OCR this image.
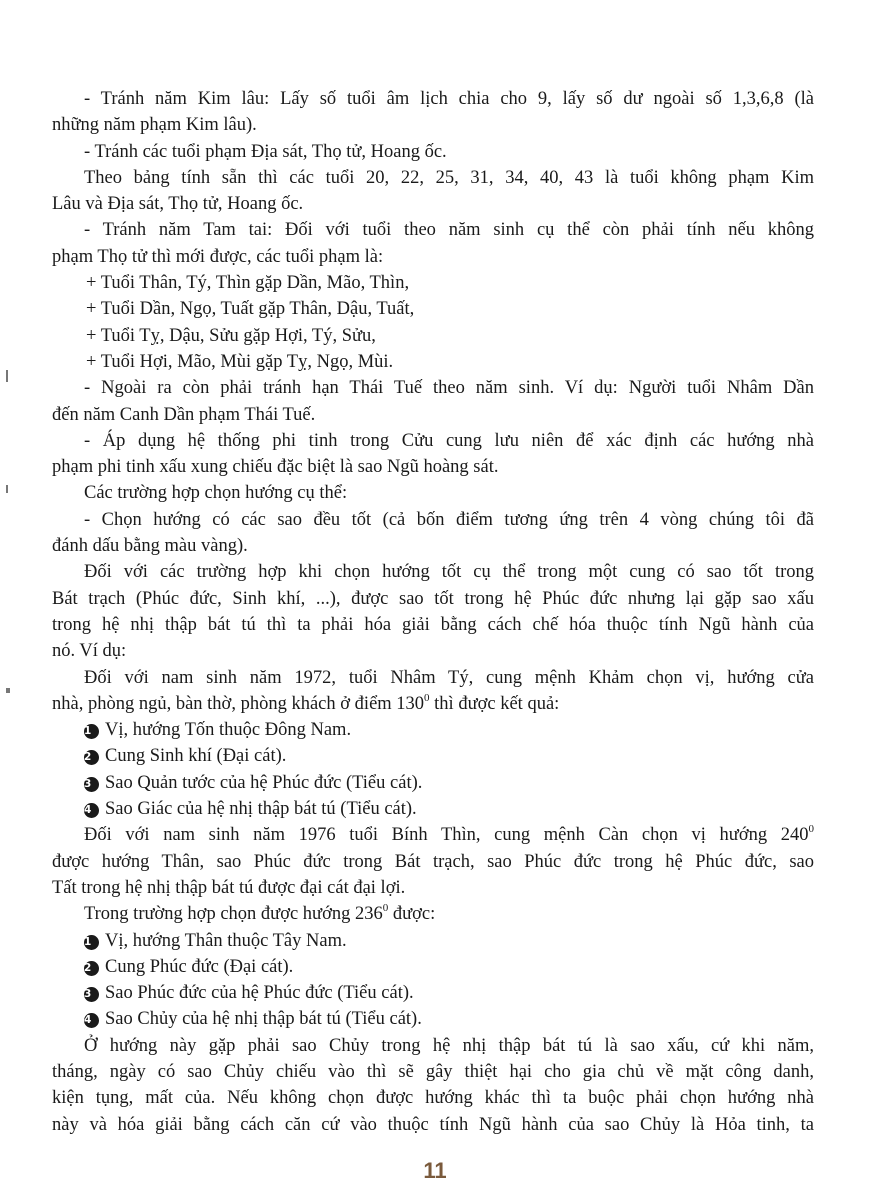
- Tránh năm Kim lâu: Lấy số tuổi âm lịch chia cho 9, lấy số dư ngoài số 1,3,6,8 (là
những năm phạm Kim lâu).
- Tránh các tuổi phạm Địa sát, Thọ tử, Hoang ốc.
Theo bảng tính sẵn thì các tuổi 20, 22, 25, 31, 34, 40, 43 là tuổi không phạm Kim
Lâu và Địa sát, Thọ tử, Hoang ốc.
- Tránh năm Tam tai: Đối với tuổi theo năm sinh cụ thể còn phải tính nếu không
phạm Thọ tử thì mới được, các tuổi phạm là:
+ Tuổi Thân, Tý, Thìn gặp Dần, Mão, Thìn,
+ Tuổi Dần, Ngọ, Tuất gặp Thân, Dậu, Tuất,
+ Tuổi Tỵ, Dậu, Sửu gặp Hợi, Tý, Sửu,
+ Tuổi Hợi, Mão, Mùi gặp Tỵ, Ngọ, Mùi.
- Ngoài ra còn phải tránh hạn Thái Tuế theo năm sinh. Ví dụ: Người tuổi Nhâm Dần
đến năm Canh Dần phạm Thái Tuế.
- Áp dụng hệ thống phi tinh trong Cửu cung lưu niên để xác định các hướng nhà
phạm phi tinh xấu xung chiếu đặc biệt là sao Ngũ hoàng sát.
Các trường hợp chọn hướng cụ thể:
- Chọn hướng có các sao đều tốt (cả bốn điểm tương ứng trên 4 vòng chúng tôi đã
đánh dấu bằng màu vàng).
Đối với các trường hợp khi chọn hướng tốt cụ thể trong một cung có sao tốt trong
Bát trạch (Phúc đức, Sinh khí, ...), được sao tốt trong hệ Phúc đức nhưng lại gặp sao xấu
trong hệ nhị thập bát tú thì ta phải hóa giải bằng cách chế hóa thuộc tính Ngũ hành của
nó. Ví dụ:
Đối với nam sinh năm 1972, tuổi Nhâm Tý, cung mệnh Khảm chọn vị, hướng cửa
nhà, phòng ngủ, bàn thờ, phòng khách ở điểm $130^0$ thì được kết quả:
1 Vị, hướng Tốn thuộc Đông Nam.
2 Cung Sinh khí (Đại cát).
3 Sao Quản tước của hệ Phúc đức (Tiểu cát).
4 Sao Giác của hệ nhị thập bát tú (Tiểu cát).
Đối với nam sinh năm 1976 tuổi Bính Thìn, cung mệnh Càn chọn vị hướng $240^0$
được hướng Thân, sao Phúc đức trong Bát trạch, sao Phúc đức trong hệ Phúc đức, sao
Tất trong hệ nhị thập bát tú được đại cát đại lợi.
Trong trường hợp chọn được hướng $236^0$ được:
1 Vị, hướng Thân thuộc Tây Nam.
2 Cung Phúc đức (Đại cát).
3 Sao Phúc đức của hệ Phúc đức (Tiểu cát).
4 Sao Chủy của hệ nhị thập bát tú (Tiểu cát).
Ở hướng này gặp phải sao Chủy trong hệ nhị thập bát tú là sao xấu, cứ khi năm,
tháng, ngày có sao Chủy chiếu vào thì sẽ gây thiệt hại cho gia chủ về mặt công danh,
kiện tụng, mất của. Nếu không chọn được hướng khác thì ta buộc phải chọn hướng nhà
này và hóa giải bằng cách căn cứ vào thuộc tính Ngũ hành của sao Chủy là Hỏa tinh, ta
11
